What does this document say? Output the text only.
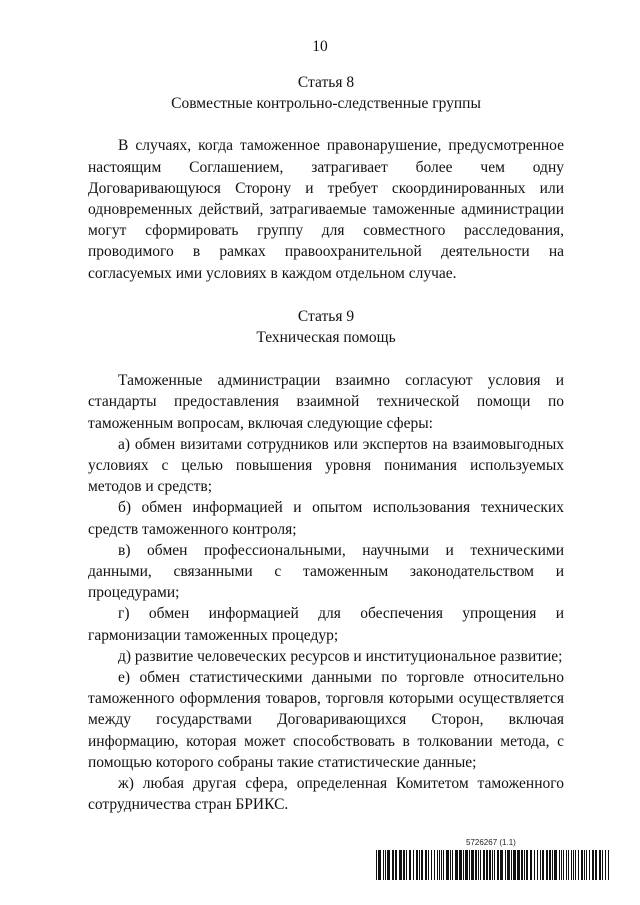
10
Статья 8
Совместные контрольно-следственные группы

В случаях, когда таможенное правонарушение, предусмотренное настоящим Соглашением, затрагивает более чем одну Договаривающуюся Сторону и требует скоординированных или одновременных действий, затрагиваемые таможенные администрации могут сформировать группу для совместного расследования, проводимого в рамках правоохранительной деятельности на согласуемых ими условиях в каждом отдельном случае.

Статья 9
Техническая помощь

Таможенные администрации взаимно согласуют условия и стандарты предоставления взаимной технической помощи по таможенным вопросам, включая следующие сферы:

а) обмен визитами сотрудников или экспертов на взаимовыгодных условиях с целью повышения уровня понимания используемых методов и средств;

б) обмен информацией и опытом использования технических средств таможенного контроля;

в) обмен профессиональными, научными и техническими данными, связанными с таможенным законодательством и процедурами;

г) обмен информацией для обеспечения упрощения и гармонизации таможенных процедур;

д) развитие человеческих ресурсов и институциональное развитие;

е) обмен статистическими данными по торговле относительно таможенного оформления товаров, торговля которыми осуществляется между государствами Договаривающихся Сторон, включая информацию, которая может способствовать в толковании метода, с помощью которого собраны такие статистические данные;

ж) любая другая сфера, определенная Комитетом таможенного сотрудничества стран БРИКС.

5726267 (1.1)
